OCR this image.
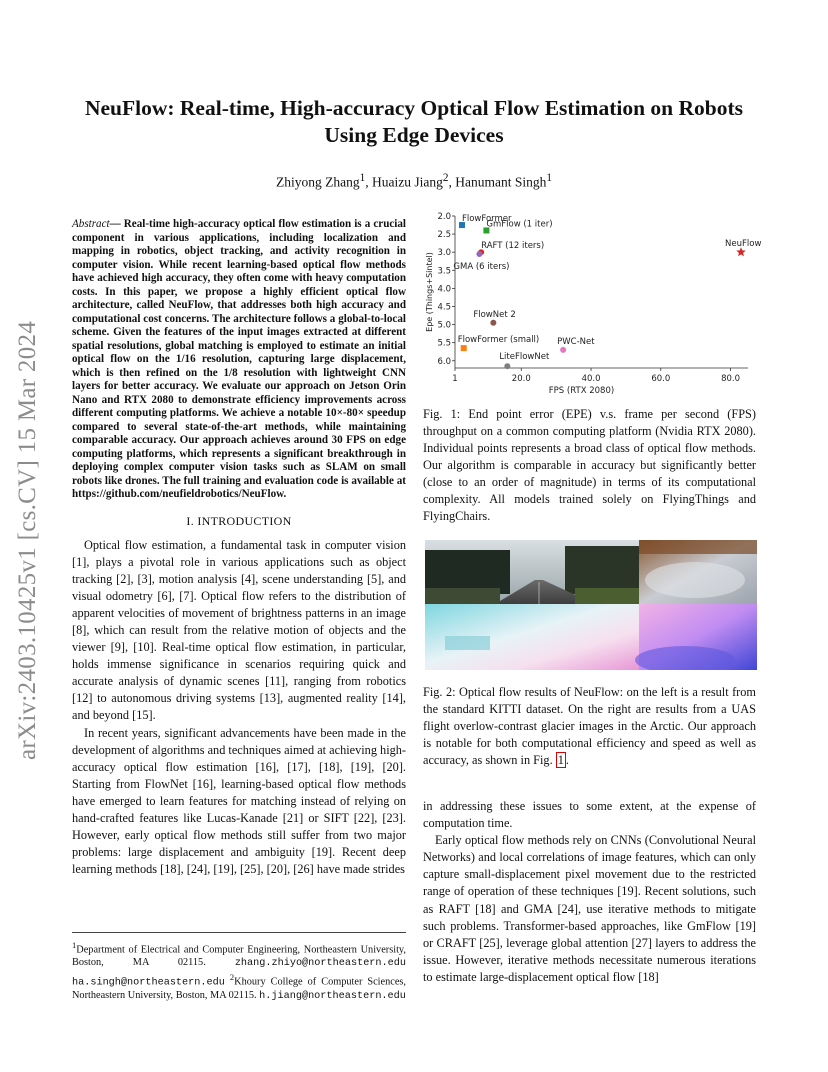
arXiv:2403.10425v1 [cs.CV] 15 Mar 2024
NeuFlow: Real-time, High-accuracy Optical Flow Estimation on Robots Using Edge Devices
Zhiyong Zhang$^1$, Huaizu Jiang$^2$, Hanumant Singh$^1$

Abstract— Real-time high-accuracy optical flow estimation is a crucial component in various applications, including localization and mapping in robotics, object tracking, and activity recognition in computer vision. While recent learning-based optical flow methods have achieved high accuracy, they often come with heavy computation costs. In this paper, we propose a highly efficient optical flow architecture, called NeuFlow, that addresses both high accuracy and computational cost concerns. The architecture follows a global-to-local scheme. Given the features of the input images extracted at different spatial resolutions, global matching is employed to estimate an initial optical flow on the 1/16 resolution, capturing large displacement, which is then refined on the 1/8 resolution with lightweight CNN layers for better accuracy. We evaluate our approach on Jetson Orin Nano and RTX 2080 to demonstrate efficiency improvements across different computing platforms. We achieve a notable 10×-80× speedup compared to several state-of-the-art methods, while maintaining comparable accuracy. Our approach achieves around 30 FPS on edge computing platforms, which represents a significant breakthrough in deploying complex computer vision tasks such as SLAM on small robots like drones. The full training and evaluation code is available at https://github.com/neufieldrobotics/NeuFlow.

I. INTRODUCTION

Optical flow estimation, a fundamental task in computer vision [1], plays a pivotal role in various applications such as object tracking [2], [3], motion analysis [4], scene understanding [5], and visual odometry [6], [7]. Optical flow refers to the distribution of apparent velocities of movement of brightness patterns in an image [8], which can result from the relative motion of objects and the viewer [9], [10]. Real-time optical flow estimation, in particular, holds immense significance in scenarios requiring quick and accurate analysis of dynamic scenes [11], ranging from robotics [12] to autonomous driving systems [13], augmented reality [14], and beyond [15].

In recent years, significant advancements have been made in the development of algorithms and techniques aimed at achieving high-accuracy optical flow estimation [16], [17], [18], [19], [20]. Starting from FlowNet [16], learning-based optical flow methods have emerged to learn features for matching instead of relying on hand-crafted features like Lucas-Kanade [21] or SIFT [22], [23]. However, early optical flow methods still suffer from two major problems: large displacement and ambiguity [19]. Recent deep learning methods [18], [24], [19], [25], [20], [26] have made strides

$^1$Department of Electrical and Computer Engineering, Northeastern University, Boston, MA 02115.	zhang.zhiyo@northeastern.edu ha.singh@northeastern.edu $^2$Khoury College of Computer Sciences, Northeastern University, Boston, MA 02115. h.jiang@northeastern.edu
2.0
2.5
3.0
3.5
4.0
4.5
5.0
5.5
6.0
1	20.0	40.0	60.0	80.0
FPS (RTX 2080)
Epe (Things+Sintel)
FlowFormer
GmFlow (1 iter)
RAFT (12 iters)
GMA (6 iters)
NeuFlow
FlowNet 2
FlowFormer (small) PWC-Net
LiteFlowNet

Fig. 1: End point error (EPE) v.s. frame per second (FPS) throughput on a common computing platform (Nvidia RTX 2080). Individual points represents a broad class of optical flow methods. Our algorithm is comparable in accuracy but significantly better (close to an order of magnitude) in terms of its computational complexity. All models trained solely on FlyingThings and FlyingChairs.

Fig. 2: Optical flow results of NeuFlow: on the left is a result from the standard KITTI dataset. On the right are results from a UAS flight overlow-contrast glacier images in the Arctic. Our approach is notable for both computational efficiency and speed as well as accuracy, as shown in Fig. 1 .

in addressing these issues to some extent, at the expense of computation time.

Early optical flow methods rely on CNNs (Convolutional Neural Networks) and local correlations of image features, which can only capture small-displacement pixel movement due to the restricted range of operation of these techniques [19]. Recent solutions, such as RAFT [18] and GMA [24], use iterative methods to mitigate such problems. Transformer-based approaches, like GmFlow [19] or CRAFT [25], leverage global attention [27] layers to address the issue. However, iterative methods necessitate numerous iterations to estimate large-displacement optical flow [18]
